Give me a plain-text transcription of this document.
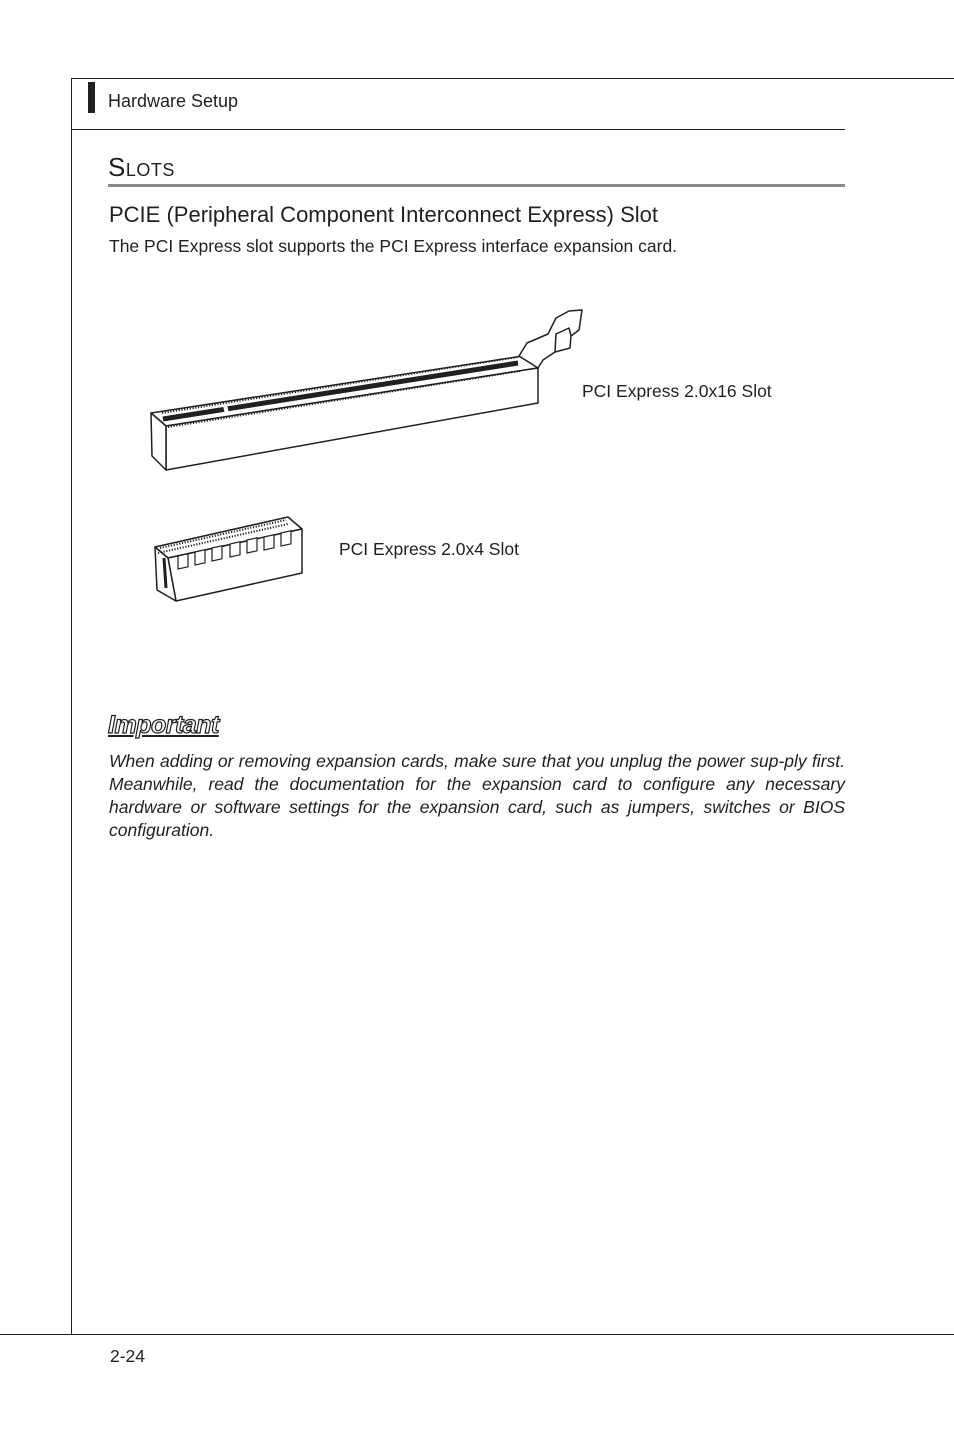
Hardware Setup
Slots
PCIE (Peripheral Component Interconnect Express) Slot
The PCI Express slot supports the PCI Express interface expansion card.
PCI Express 2.0x16 Slot
PCI Express 2.0x4 Slot
Important

When adding or removing expansion cards, make sure that you unplug the power sup-ply first. Meanwhile, read the documentation for the expansion card to configure any necessary hardware or software settings for the expansion card, such as jumpers, switches or BIOS configuration.

2-24
